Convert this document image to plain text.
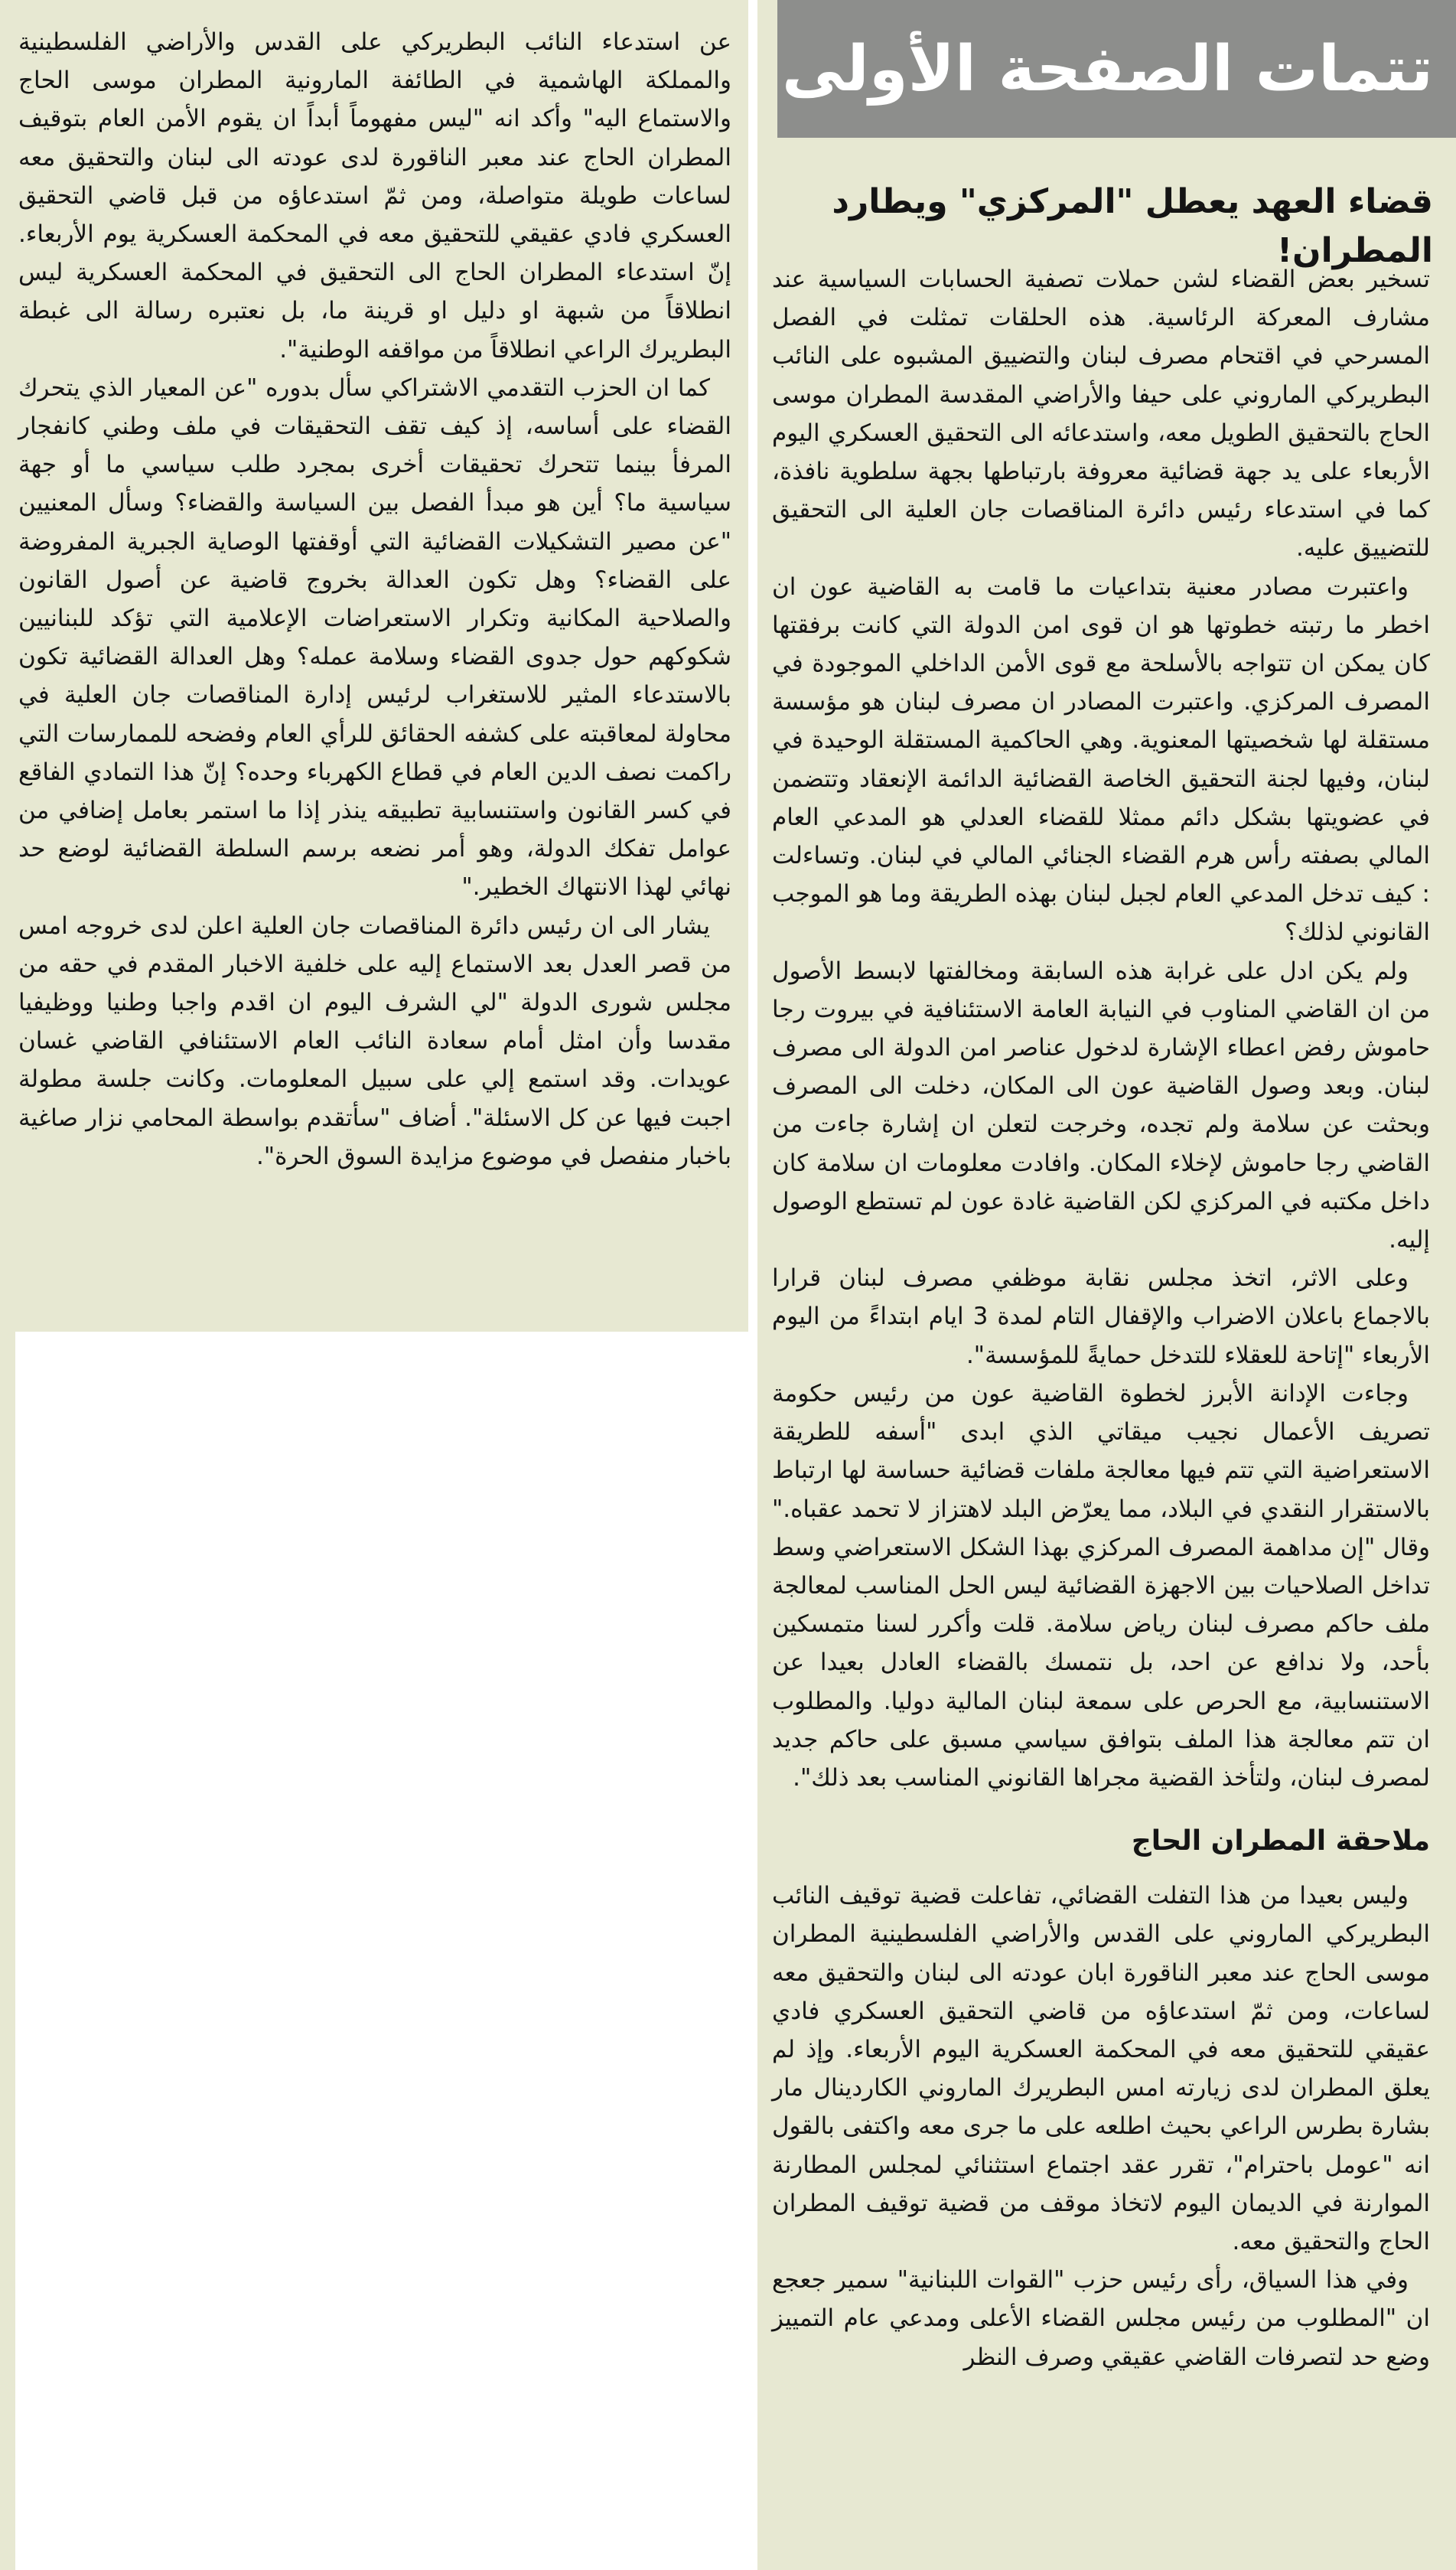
تتمات الصفحة الأولى
قضاء العهد يعطل "المركزي" ويطارد المطران!

تسخير بعض القضاء لشن حملات تصفية الحسابات السياسية عند مشارف المعركة الرئاسية. هذه الحلقات تمثلت في الفصل المسرحي في اقتحام مصرف لبنان والتضييق المشبوه على النائب البطريركي الماروني على حيفا والأراضي المقدسة المطران موسى الحاج بالتحقيق الطويل معه، واستدعائه الى التحقيق العسكري اليوم الأربعاء على يد جهة قضائية معروفة بارتباطها بجهة سلطوية نافذة، كما في استدعاء رئيس دائرة المناقصات جان العلية الى التحقيق للتضييق عليه.

واعتبرت مصادر معنية بتداعيات ما قامت به القاضية عون ان اخطر ما رتبته خطوتها هو ان قوى امن الدولة التي كانت برفقتها كان يمكن ان تتواجه بالأسلحة مع قوى الأمن الداخلي الموجودة في المصرف المركزي. واعتبرت المصادر ان مصرف لبنان هو مؤسسة مستقلة لها شخصيتها المعنوية. وهي الحاكمية المستقلة الوحيدة في لبنان، وفيها لجنة التحقيق الخاصة القضائية الدائمة الإنعقاد وتتضمن في عضويتها بشكل دائم ممثلا للقضاء العدلي هو المدعي العام المالي بصفته رأس هرم القضاء الجنائي المالي في لبنان. وتساءلت : كيف تدخل المدعي العام لجبل لبنان بهذه الطريقة وما هو الموجب القانوني لذلك؟

ولم يكن ادل على غرابة هذه السابقة ومخالفتها لابسط الأصول من ان القاضي المناوب في النيابة العامة الاستئنافية في بيروت رجا حاموش رفض اعطاء الإشارة لدخول عناصر امن الدولة الى مصرف لبنان. وبعد وصول القاضية عون الى المكان، دخلت الى المصرف وبحثت عن سلامة ولم تجده، وخرجت لتعلن ان إشارة جاءت من القاضي رجا حاموش لإخلاء المكان. وافادت معلومات ان سلامة كان داخل مكتبه في المركزي لكن القاضية غادة عون لم تستطع الوصول إليه.

وعلى الاثر، اتخذ مجلس نقابة موظفي مصرف لبنان قرارا بالاجماع باعلان الاضراب والإقفال التام لمدة 3 ايام ابتداءً من اليوم الأربعاء "إتاحة للعقلاء للتدخل حمايةً للمؤسسة".

وجاءت الإدانة الأبرز لخطوة القاضية عون من رئيس حكومة تصريف الأعمال نجيب ميقاتي الذي ابدى "أسفه للطريقة الاستعراضية التي تتم فيها معالجة ملفات قضائية حساسة لها ارتباط بالاستقرار النقدي في البلاد، مما يعرّض البلد لاهتزاز لا تحمد عقباه." وقال "إن مداهمة المصرف المركزي بهذا الشكل الاستعراضي وسط تداخل الصلاحيات بين الاجهزة القضائية ليس الحل المناسب لمعالجة ملف حاكم مصرف لبنان رياض سلامة. قلت وأكرر لسنا متمسكين بأحد، ولا ندافع عن احد، بل نتمسك بالقضاء العادل بعيدا عن الاستنسابية، مع الحرص على سمعة لبنان المالية دوليا. والمطلوب ان تتم معالجة هذا الملف بتوافق سياسي مسبق على حاكم جديد لمصرف لبنان، ولتأخذ القضية مجراها القانوني المناسب بعد ذلك".

ملاحقة المطران الحاج

وليس بعيدا من هذا التفلت القضائي، تفاعلت قضية توقيف النائب البطريركي الماروني على القدس والأراضي الفلسطينية المطران موسى الحاج عند معبر الناقورة ابان عودته الى لبنان والتحقيق معه لساعات، ومن ثمّ استدعاؤه من قاضي التحقيق العسكري فادي عقيقي للتحقيق معه في المحكمة العسكرية اليوم الأربعاء. وإذ لم يعلق المطران لدى زيارته امس البطريرك الماروني الكاردينال مار بشارة بطرس الراعي بحيث اطلعه على ما جرى معه واكتفى بالقول انه "عومل باحترام"، تقرر عقد اجتماع استثنائي لمجلس المطارنة الموارنة في الديمان اليوم لاتخاذ موقف من قضية توقيف المطران الحاج والتحقيق معه.

وفي هذا السياق، رأى رئيس حزب "القوات اللبنانية" سمير جعجع ان "المطلوب من رئيس مجلس القضاء الأعلى ومدعي عام التمييز وضع حد لتصرفات القاضي عقيقي وصرف النظر

عن استدعاء النائب البطريركي على القدس والأراضي الفلسطينية والمملكة الهاشمية في الطائفة المارونية المطران موسى الحاج والاستماع اليه" وأكد انه "ليس مفهوماً أبداً ان يقوم الأمن العام بتوقيف المطران الحاج عند معبر الناقورة لدى عودته الى لبنان والتحقيق معه لساعات طويلة متواصلة، ومن ثمّ استدعاؤه من قبل قاضي التحقيق العسكري فادي عقيقي للتحقيق معه في المحكمة العسكرية يوم الأربعاء. إنّ استدعاء المطران الحاج الى التحقيق في المحكمة العسكرية ليس انطلاقاً من شبهة او دليل او قرينة ما، بل نعتبره رسالة الى غبطة البطريرك الراعي انطلاقاً من مواقفه الوطنية".

كما ان الحزب التقدمي الاشتراكي سأل بدوره "عن المعيار الذي يتحرك القضاء على أساسه، إذ كيف تقف التحقيقات في ملف وطني كانفجار المرفأ بينما تتحرك تحقيقات أخرى بمجرد طلب سياسي ما أو جهة سياسية ما؟ أين هو مبدأ الفصل بين السياسة والقضاء؟ وسأل المعنيين "عن مصير التشكيلات القضائية التي أوقفتها الوصاية الجبرية المفروضة على القضاء؟ وهل تكون العدالة بخروج قاضية عن أصول القانون والصلاحية المكانية وتكرار الاستعراضات الإعلامية التي تؤكد للبنانيين شكوكهم حول جدوى القضاء وسلامة عمله؟ وهل العدالة القضائية تكون بالاستدعاء المثير للاستغراب لرئيس إدارة المناقصات جان العلية في محاولة لمعاقبته على كشفه الحقائق للرأي العام وفضحه للممارسات التي راكمت نصف الدين العام في قطاع الكهرباء وحده؟ إنّ هذا التمادي الفاقع في كسر القانون واستنسابية تطبيقه ينذر إذا ما استمر بعامل إضافي من عوامل تفكك الدولة، وهو أمر نضعه برسم السلطة القضائية لوضع حد نهائي لهذا الانتهاك الخطير."

يشار الى ان رئيس دائرة المناقصات جان العلية اعلن لدى خروجه امس من قصر العدل بعد الاستماع إليه على خلفية الاخبار المقدم في حقه من مجلس شورى الدولة "لي الشرف اليوم ان اقدم واجبا وطنيا ووظيفيا مقدسا وأن امثل أمام سعادة النائب العام الاستئنافي القاضي غسان عويدات. وقد استمع إلي على سبيل المعلومات. وكانت جلسة مطولة اجبت فيها عن كل الاسئلة". أضاف "سأتقدم بواسطة المحامي نزار صاغية باخبار منفصل في موضوع مزايدة السوق الحرة".
